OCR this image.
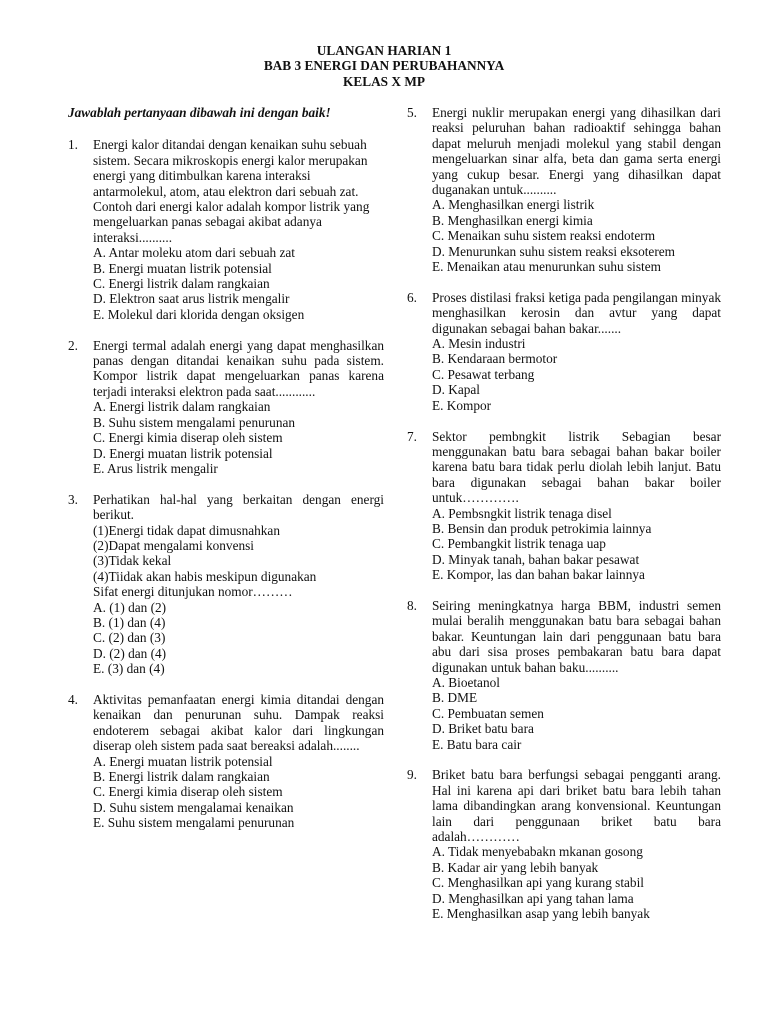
ULANGAN HARIAN 1
BAB 3 ENERGI DAN PERUBAHANNYA
KELAS X MP
Jawablah pertanyaan dibawah ini dengan baik!
1.	Energi kalor ditandai dengan kenaikan suhu sebuah sistem. Secara mikroskopis energi kalor merupakan energi yang ditimbulkan karena interaksi antarmolekul, atom, atau elektron dari sebuah zat. Contoh dari energi kalor adalah kompor listrik yang mengeluarkan panas sebagai akibat adanya interaksi..........
A. Antar moleku atom dari sebuah zat
B. Energi muatan listrik potensial
C. Energi listrik dalam rangkaian
D. Elektron saat arus listrik mengalir
E. Molekul dari klorida dengan oksigen
2.	Energi termal adalah energi yang dapat menghasilkan panas dengan ditandai kenaikan suhu pada sistem. Kompor listrik dapat mengeluarkan panas karena terjadi interaksi elektron pada saat............
A. Energi listrik dalam rangkaian
B. Suhu sistem mengalami penurunan
C. Energi kimia diserap oleh sistem
D. Energi muatan listrik potensial
E. Arus listrik mengalir
3.	Perhatikan hal-hal yang berkaitan dengan energi berikut.
(1)Energi tidak dapat dimusnahkan
(2)Dapat mengalami konvensi
(3)Tidak kekal
(4)Tiidak akan habis meskipun digunakan
Sifat energi ditunjukan nomor………
A. (1) dan (2)
B. (1) dan (4)
C. (2) dan (3)
D. (2) dan (4)
E. (3) dan (4)
4.	Aktivitas pemanfaatan energi kimia ditandai dengan kenaikan dan penurunan suhu. Dampak reaksi endoterem sebagai akibat kalor dari lingkungan diserap oleh sistem pada saat bereaksi adalah........
A. Energi muatan listrik potensial
B. Energi listrik dalam rangkaian
C. Energi kimia diserap oleh sistem
D. Suhu sistem mengalamai kenaikan
E. Suhu sistem mengalami penurunan
5.	Energi nuklir merupakan energi yang dihasilkan dari reaksi peluruhan bahan radioaktif sehingga bahan dapat meluruh menjadi molekul yang stabil dengan mengeluarkan sinar alfa, beta dan gama serta energi yang cukup besar. Energi yang dihasilkan dapat duganakan untuk..........
A. Menghasilkan energi listrik
B. Menghasilkan energi kimia
C. Menaikan suhu sistem reaksi endoterm
D. Menurunkan suhu sistem reaksi eksoterem
E. Menaikan atau menurunkan suhu sistem
6.	Proses distilasi fraksi ketiga pada pengilangan minyak menghasilkan kerosin dan avtur yang dapat digunakan sebagai bahan bakar.......
A. Mesin industri
B. Kendaraan bermotor
C. Pesawat terbang
D. Kapal
E. Kompor
7.	Sektor pembngkit listrik Sebagian besar menggunakan batu bara sebagai bahan bakar boiler karena batu bara tidak perlu diolah lebih lanjut. Batu bara digunakan sebagai bahan bakar boiler untuk………….
A. Pembsngkit listrik tenaga disel
B. Bensin dan produk petrokimia lainnya
C. Pembangkit listrik tenaga uap
D. Minyak tanah, bahan bakar pesawat
E. Kompor, las dan bahan bakar lainnya
8.	Seiring meningkatnya harga BBM, industri semen mulai beralih menggunakan batu bara sebagai bahan bakar. Keuntungan lain dari penggunaan batu bara abu dari sisa proses pembakaran batu bara dapat digunakan untuk bahan baku..........
A. Bioetanol
B. DME
C. Pembuatan semen
D. Briket batu bara
E. Batu bara cair
9.	Briket batu bara berfungsi sebagai pengganti arang. Hal ini karena api dari briket batu bara lebih tahan lama dibandingkan arang konvensional. Keuntungan lain dari penggunaan briket batu bara adalah…………
A. Tidak menyebabakn mkanan gosong
B. Kadar air yang lebih banyak
C. Menghasilkan api yang kurang stabil
D. Menghasilkan api yang tahan lama
E. Menghasilkan asap yang lebih banyak
